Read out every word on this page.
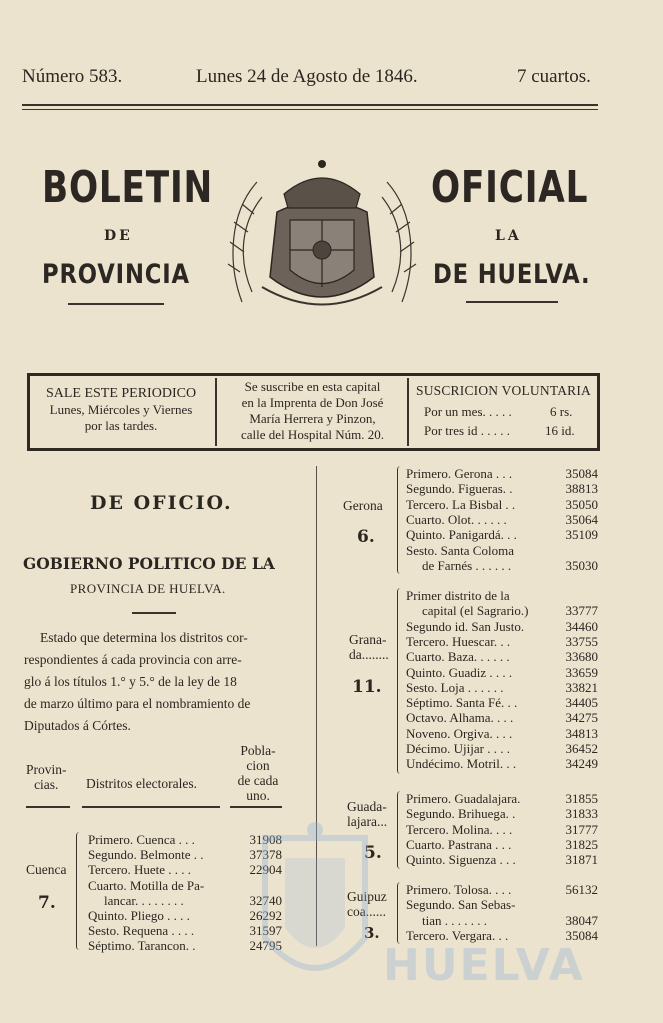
Número 583.	Lunes 24 de Agosto de 1846.	7 cuartos.
BOLETIN	OFICIAL
DE	LA
PROVINCIA	DE HUELVA.
SALE ESTE PERIODICO
Lunes, Miércoles y Viernes
por las tardes.
Se suscribe en esta capital
en la Imprenta de Don José
María Herrera y Pinzon,
calle del Hospital Núm. 20.
SUSCRICION VOLUNTARIA
Por un mes. . . . .	6 rs.
Por tres id . . . . .	16 id.
DE OFICIO.
GOBIERNO POLITICO DE LA
PROVINCIA DE HUELVA.
Estado que determina los distritos cor-
respondientes á cada provincia con arre-
glo á los títulos 1.° y 5.° de la ley de 18
de marzo último para el nombramiento de
Diputados á Córtes.
Provin-
cias.	Distritos electorales.
Pobla-
cion
de cada
uno.
Cuenca
7.
Primero. Cuenca . . .	31908
Segundo. Belmonte . .	37378
Tercero. Huete . . . .	22904
Cuarto. Motilla de Pa-
lancar. . . . . . . .	32740
Quinto. Pliego . . . .	26292
Sesto. Requena . . . .	31597
Séptimo. Tarancon. .	24795
Gerona
6.
Primero. Gerona . . .	35084
Segundo. Figueras. .	38813
Tercero. La Bisbal . .	35050
Cuarto. Olot. . . . . .	35064
Quinto. Panigardá. . .	35109
Sesto. Santa Coloma
de Farnés . . . . . .	35030
Grana-
da........
11.
Primer distrito de la
capital (el Sagrario.)	33777
Segundo id. San Justo.	34460
Tercero. Huescar. . .	33755
Cuarto. Baza. . . . . .	33680
Quinto. Guadiz . . . .	33659
Sesto. Loja . . . . . .	33821
Séptimo. Santa Fé. . .	34405
Octavo. Alhama. . . .	34275
Noveno. Orgiva. . . .	34813
Décimo. Ujijar . . . .	36452
Undécimo. Motril. . .	34249
Guada-
lajara...
5.
Primero. Guadalajara.	31855
Segundo. Brihuega. .	31833
Tercero. Molina. . . .	31777
Cuarto. Pastrana . . .	31825
Quinto. Siguenza . . .	31871
Guipuz
coa......
3.
Primero. Tolosa. . . .	56132
Segundo. San Sebas-
tian . . . . . . .	38047
Tercero. Vergara. . .	35084
HUELVA
